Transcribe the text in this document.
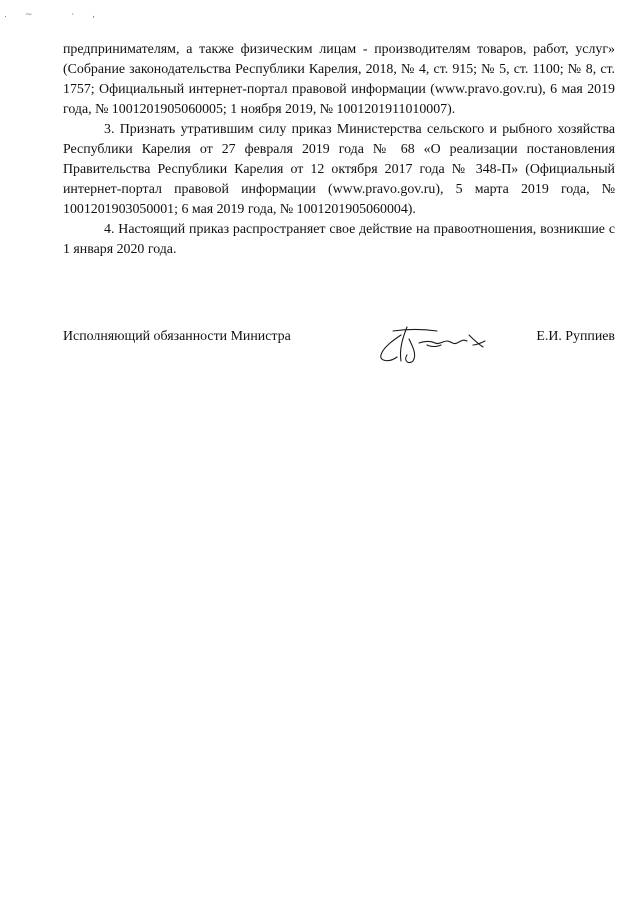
.~ ·,

предпринимателям, а также физическим лицам - производителям товаров, работ, услуг» (Собрание законодательства Республики Карелия, 2018, № 4, ст. 915; № 5, ст. 1100; № 8, ст. 1757; Официальный интернет-портал правовой информации (www.pravo.gov.ru), 6 мая 2019 года, № 1001201905060005; 1 ноября 2019, № 1001201911010007).

3. Признать утратившим силу приказ Министерства сельского и рыбного хозяйства Республики Карелия от 27 февраля 2019 года № 68 «О реализации постановления Правительства Республики Карелия от 12 октября 2017 года № 348-П» (Официальный интернет-портал правовой информации (www.pravo.gov.ru), 5 марта 2019 года, № 1001201903050001; 6 мая 2019 года, № 1001201905060004).

4. Настоящий приказ распространяет свое действие на правоотношения, возникшие с 1 января 2020 года.

Исполняющий обязанности Министра	Е.И. Руппиев
